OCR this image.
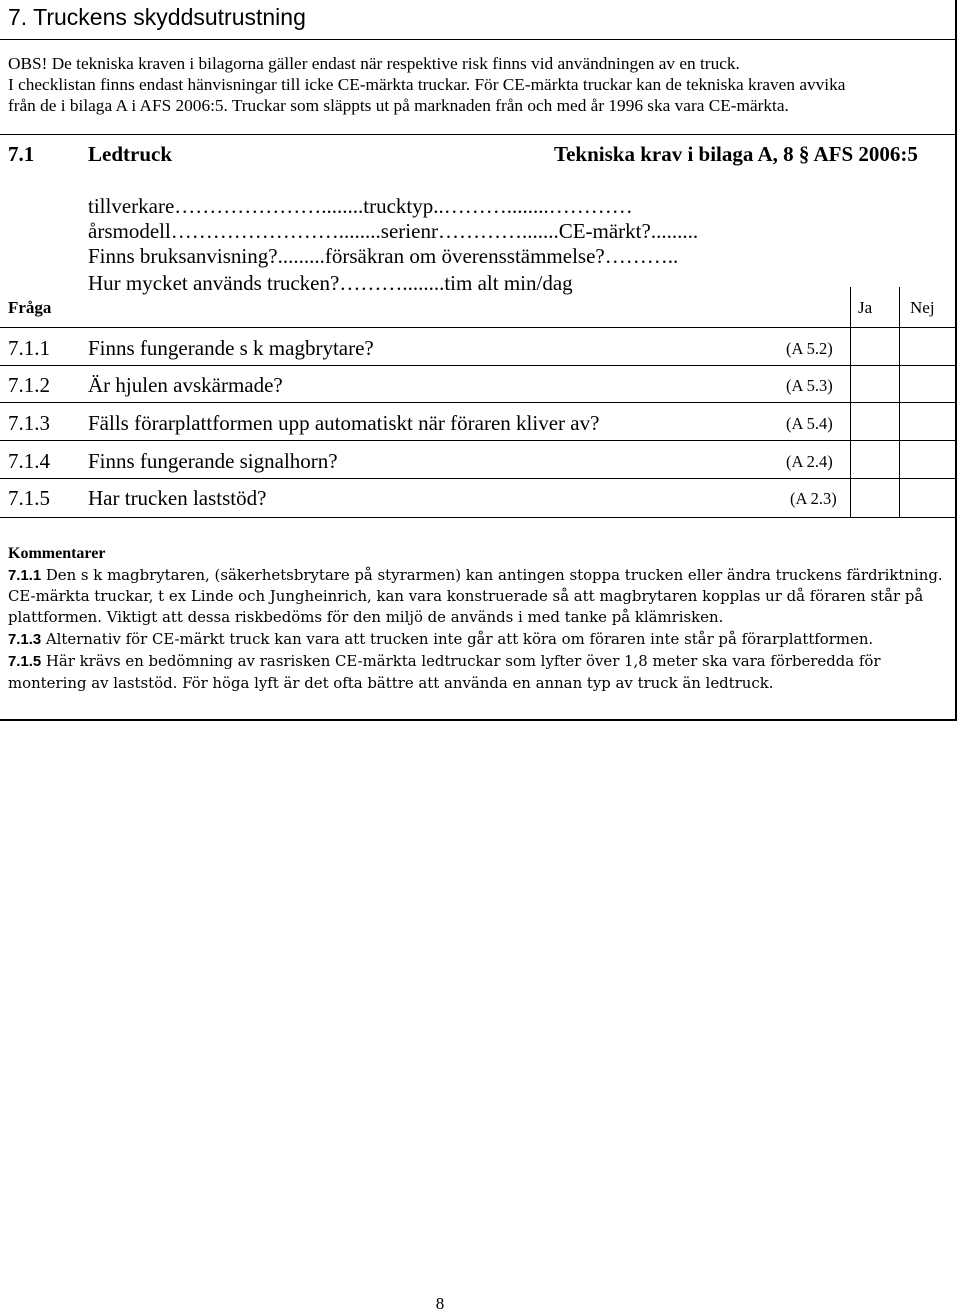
7. Truckens skyddsutrustning
OBS! De tekniska kraven i bilagorna gäller endast när respektive risk finns vid användningen av en truck.
I checklistan finns endast hänvisningar till icke CE-märkta truckar. För CE-märkta truckar kan de tekniska kraven avvika
från de i bilaga A i AFS 2006:5. Truckar som släppts ut på marknaden från och med år 1996 ska vara CE-märkta.
7.1	Ledtruck	Tekniska krav i bilaga A, 8 § AFS 2006:5
tillverkare…………………........trucktyp..………........…………
årsmodell……………………........serienr………….......CE-märkt?.........
Finns bruksanvisning?.........försäkran om överensstämmelse?………..
Hur mycket används trucken?………........tim alt min/dag
Fråga	Ja Nej
7.1.1 Finns fungerande s k magbrytare?	(A 5.2)
7.1.2 Är hjulen avskärmade?	(A 5.3)
7.1.3 Fälls förarplattformen upp automatiskt när föraren kliver av?	(A 5.4)
7.1.4 Finns fungerande signalhorn?	(A 2.4)
7.1.5 Har trucken laststöd?	(A 2.3)
Kommentarer
7.1.1 Den s k magbrytaren, (säkerhetsbrytare på styrarmen) kan antingen stoppa trucken eller ändra truckens färdriktning.
CE-märkta truckar, t ex Linde och Jungheinrich, kan vara konstruerade så att magbrytaren kopplas ur då föraren står på
plattformen. Viktigt att dessa riskbedöms för den miljö de används i med tanke på klämrisken.
7.1.3 Alternativ för CE-märkt truck kan vara att trucken inte går att köra om föraren inte står på förarplattformen.
7.1.5 Här krävs en bedömning av rasrisken CE-märkta ledtruckar som lyfter över 1,8 meter ska vara förberedda för
montering av laststöd. För höga lyft är det ofta bättre att använda en annan typ av truck än ledtruck.
8
